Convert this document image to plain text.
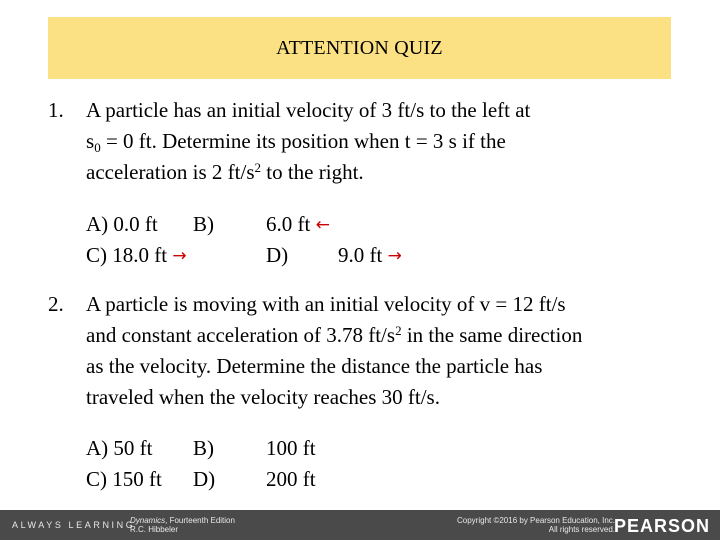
ATTENTION QUIZ
1. A particle has an initial velocity of 3 ft/s to the left at
$s_0 = 0$ ft. Determine its position when t = 3 s if the
acceleration is 2 $ft/s^2$ to the right.
A) 0.0 ft B) 6.0 ft ←
C) 18.0 ft →	D) 9.0 ft →
2. A particle is moving with an initial velocity of v = 12 ft/s
and constant acceleration of 3.78 $ft/s^2$ in the same direction
as the velocity. Determine the distance the particle has
traveled when the velocity reaches 30 ft/s.
A) 50 ft B) 100 ft
C) 150 ft D) 200 ft
ALWAYS LEARNING
Dynamics, Fourteenth Edition
R.C. Hibbeler
Copyright ©2016 by Pearson Education, Inc.
All rights reserved.
PEARSON
